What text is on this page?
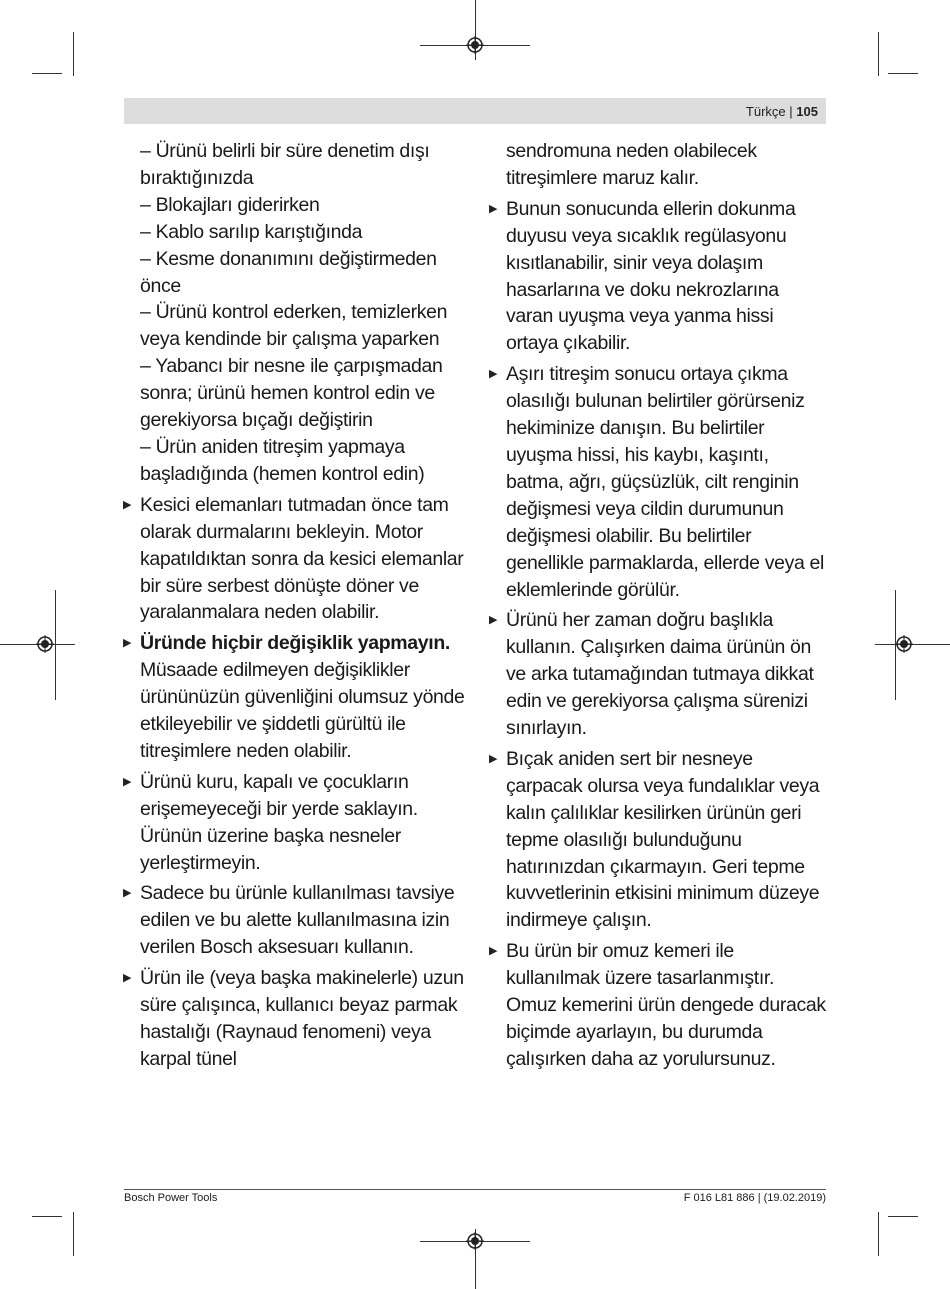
Türkçe | 105

– Ürünü belirli bir süre denetim dışı bıraktığınızda

– Blokajları giderirken

– Kablo sarılıp karıştığında

– Kesme donanımını değiştirmeden önce

– Ürünü kontrol ederken, temizlerken veya kendinde bir çalışma yaparken

– Yabancı bir nesne ile çarpışmadan sonra; ürünü hemen kontrol edin ve gerekiyorsa bıçağı değiştirin

– Ürün aniden titreşim yapmaya başladığında (hemen kontrol edin)

▶ Kesici elemanları tutmadan önce tam olarak durmalarını bekleyin. Motor kapatıldıktan sonra da kesici elemanlar bir süre serbest dönüşte döner ve yaralanmalara neden olabilir.

▶ Üründe hiçbir değişiklik yapmayın.
Müsaade edilmeyen değişiklikler ürününüzün güvenliğini olumsuz yönde etkileyebilir ve şiddetli gürültü ile titreşimlere neden olabilir.

▶ Ürünü kuru, kapalı ve çocukların erişemeyeceği bir yerde saklayın. Ürünün üzerine başka nesneler yerleştirmeyin.

▶ Sadece bu ürünle kullanılması tavsiye edilen ve bu alette kullanılmasına izin verilen Bosch aksesuarı kullanın.

▶ Ürün ile (veya başka makinelerle) uzun süre çalışınca, kullanıcı beyaz parmak hastalığı (Raynaud fenomeni) veya karpal tünel

sendromuna neden olabilecek titreşimlere maruz kalır.

▶ Bunun sonucunda ellerin dokunma duyusu veya sıcaklık regülasyonu kısıtlanabilir, sinir veya dolaşım hasarlarına ve doku nekrozlarına varan uyuşma veya yanma hissi ortaya çıkabilir.

▶ Aşırı titreşim sonucu ortaya çıkma olasılığı bulunan belirtiler görürseniz hekiminize danışın. Bu belirtiler uyuşma hissi, his kaybı, kaşıntı, batma, ağrı, güçsüzlük, cilt renginin değişmesi veya cildin durumunun değişmesi olabilir. Bu belirtiler genellikle parmaklarda, ellerde veya el eklemlerinde görülür.

▶ Ürünü her zaman doğru başlıkla kullanın. Çalışırken daima ürünün ön ve arka tutamağından tutmaya dikkat edin ve gerekiyorsa çalışma sürenizi sınırlayın.

▶ Bıçak aniden sert bir nesneye çarpacak olursa veya fundalıklar veya kalın çalılıklar kesilirken ürünün geri tepme olasılığı bulunduğunu hatırınızdan çıkarmayın. Geri tepme kuvvetlerinin etkisini minimum düzeye indirmeye çalışın.

▶ Bu ürün bir omuz kemeri ile kullanılmak üzere tasarlanmıştır. Omuz kemerini ürün dengede duracak biçimde ayarlayın, bu durumda çalışırken daha az yorulursunuz.

Bosch Power Tools	F 016 L81 886 | (19.02.2019)
